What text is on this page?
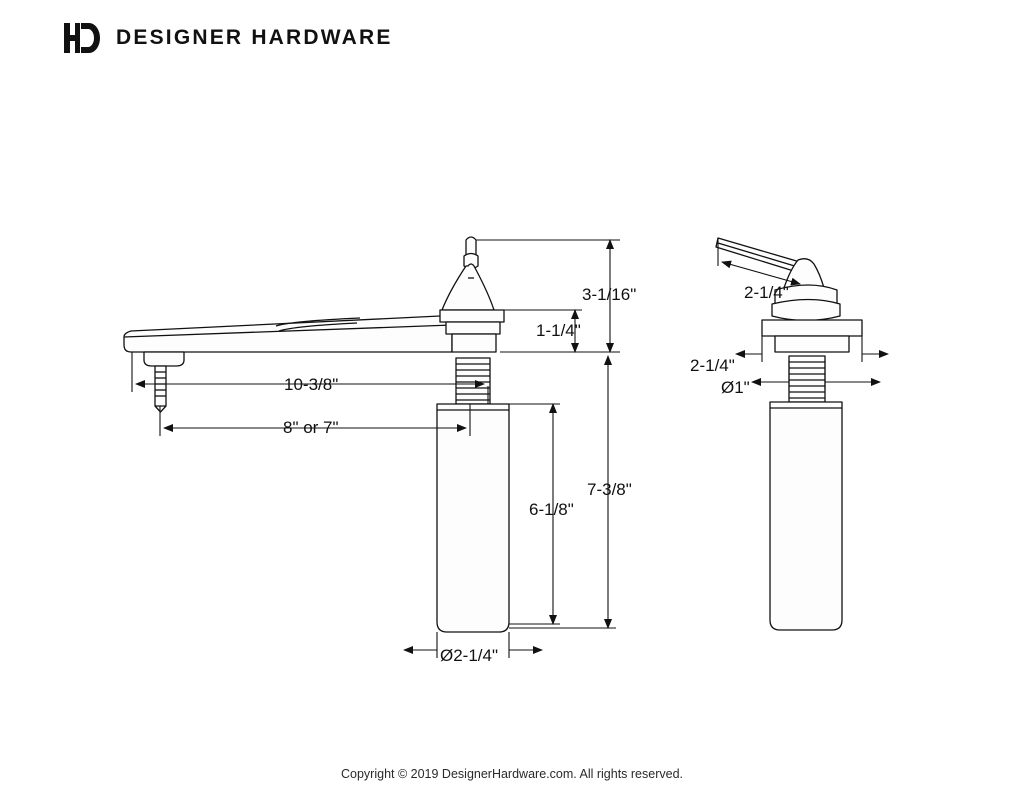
DESIGNER HARDWARE
3-1/16"
1-1/4"
10-3/8"
8" or 7"
6-1/8"
7-3/8"
Ø2-1/4"
2-1/4"
2-1/4"
Ø1"
Copyright © 2019 DesignerHardware.com. All rights reserved.
